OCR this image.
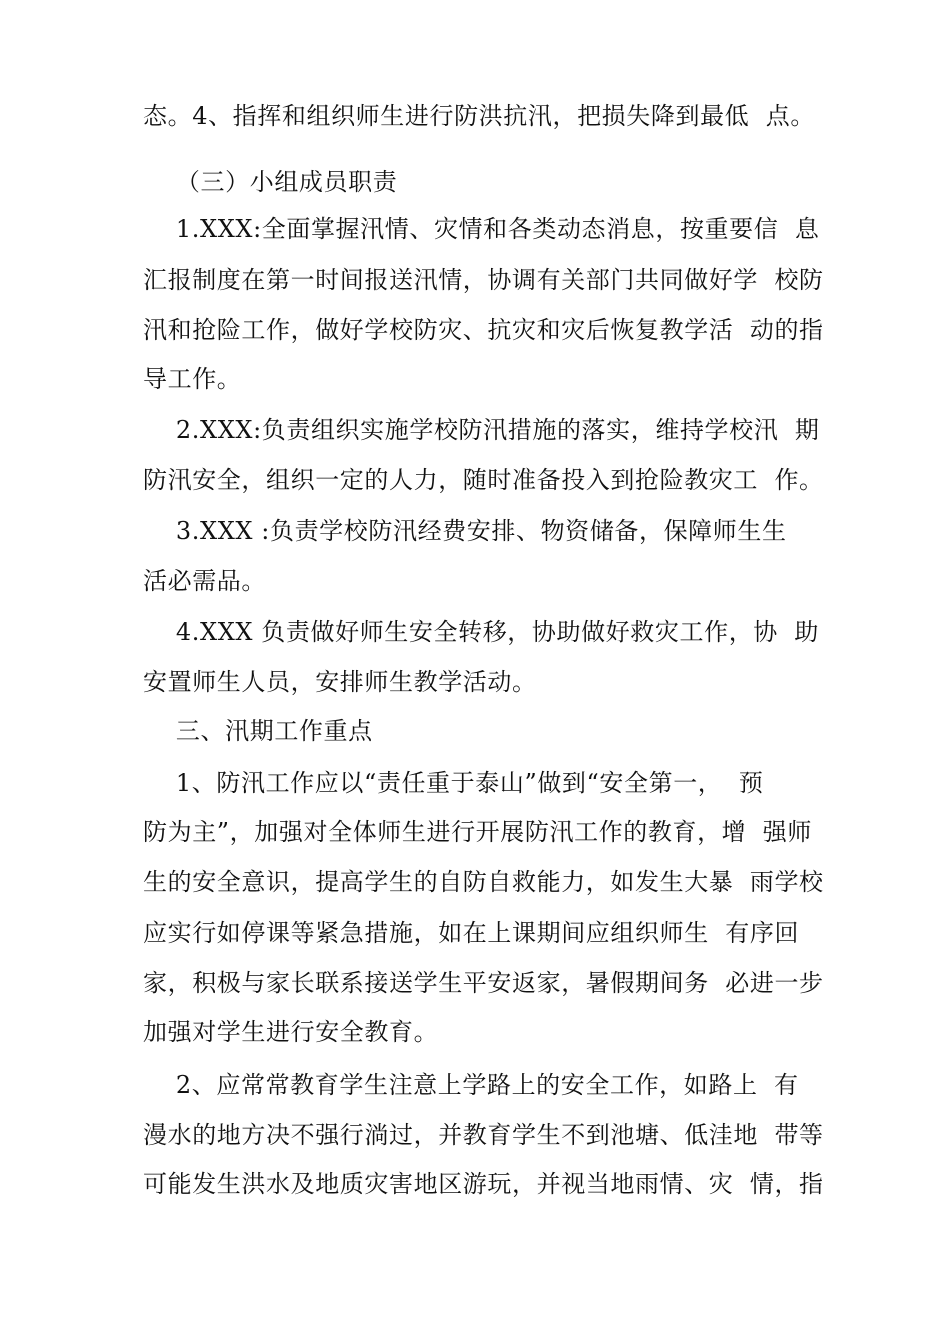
态。4、指挥和组织师生进行防洪抗汛，把损失降到最低  点。
（三）小组成员职责
1.XXX:全面掌握汛情、灾情和各类动态消息，按重要信  息
汇报制度在第一时间报送汛情，协调有关部门共同做好学  校防
汛和抢险工作，做好学校防灾、抗灾和灾后恢复教学活  动的指
导工作。
2.XXX:负责组织实施学校防汛措施的落实，维持学校汛  期
防汛安全，组织一定的人力，随时准备投入到抢险教灾工  作。
3.XXX :负责学校防汛经费安排、物资储备，保障师生生
活必需品。
4.XXX 负责做好师生安全转移，协助做好救灾工作，协  助
安置师生人员，安排师生教学活动。
三、汛期工作重点
1、防汛工作应以“责任重于泰山”做到“安全第一，  预
防为主”，加强对全体师生进行开展防汛工作的教育，增  强师
生的安全意识，提高学生的自防自救能力，如发生大暴  雨学校
应实行如停课等紧急措施，如在上课期间应组织师生  有序回
家，积极与家长联系接送学生平安返家，暑假期间务  必进一步
加强对学生进行安全教育。
2、应常常教育学生注意上学路上的安全工作，如路上  有
漫水的地方决不强行淌过，并教育学生不到池塘、低洼地  带等
可能发生洪水及地质灾害地区游玩，并视当地雨情、灾  情，指
